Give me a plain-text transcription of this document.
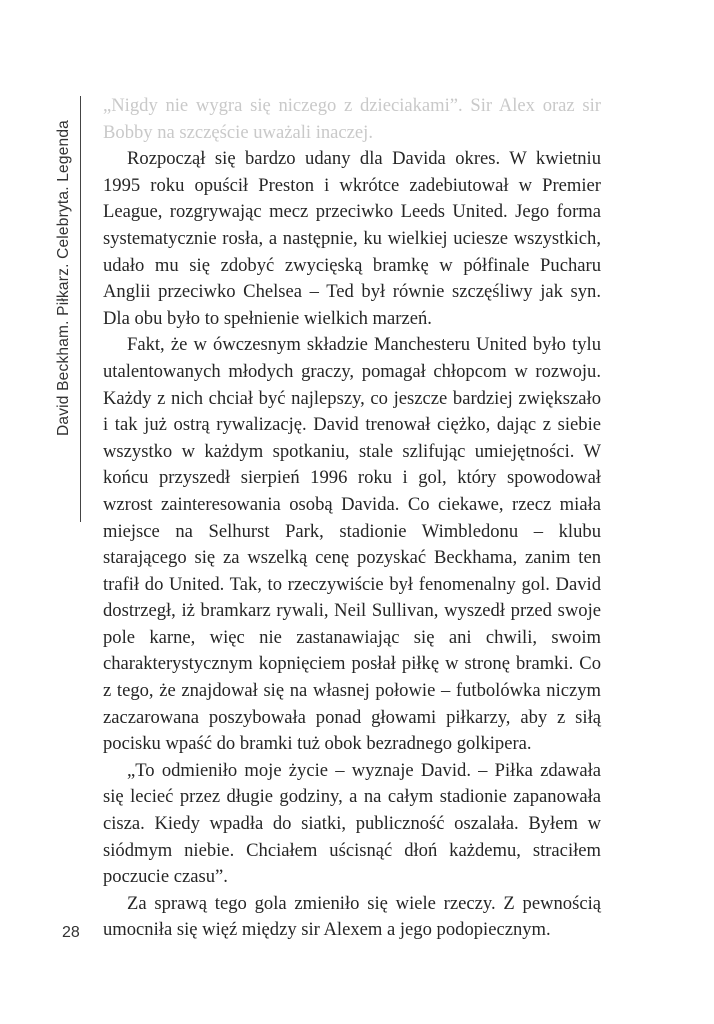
David Beckham. Piłkarz. Celebryta. Legenda

„Nigdy nie wygra się niczego z dzieciakami”. Sir Alex oraz sir Bobby na szczęście uważali inaczej.

Rozpoczął się bardzo udany dla Davida okres. W kwietniu 1995 roku opuścił Preston i wkrótce zadebiutował w Premier League, rozgrywając mecz przeciwko Leeds United. Jego forma systematycznie rosła, a następnie, ku wielkiej uciesze wszystkich, udało mu się zdobyć zwycięską bramkę w półfinale Pucharu Anglii przeciwko Chelsea – Ted był równie szczęśliwy jak syn. Dla obu było to spełnienie wielkich marzeń.

Fakt, że w ówczesnym składzie Manchesteru United było tylu utalentowanych młodych graczy, pomagał chłopcom w rozwoju. Każdy z nich chciał być najlepszy, co jeszcze bardziej zwiększało i tak już ostrą rywalizację. David trenował ciężko, dając z siebie wszystko w każdym spotkaniu, stale szlifując umiejętności. W końcu przyszedł sierpień 1996 roku i gol, który spowodował wzrost zainteresowania osobą Davida. Co ciekawe, rzecz miała miejsce na Selhurst Park, stadionie Wimbledonu – klubu starającego się za wszelką cenę pozyskać Beckhama, zanim ten trafił do United. Tak, to rzeczywiście był fenomenalny gol. David dostrzegł, iż bramkarz rywali, Neil Sullivan, wyszedł przed swoje pole karne, więc nie zastanawiając się ani chwili, swoim charakterystycznym kopnięciem posłał piłkę w stronę bramki. Co z tego, że znajdował się na własnej połowie – futbolówka niczym zaczarowana poszybowała ponad głowami piłkarzy, aby z siłą pocisku wpaść do bramki tuż obok bezradnego golkipera.

„To odmieniło moje życie – wyznaje David. – Piłka zdawała się lecieć przez długie godziny, a na całym stadionie zapanowała cisza. Kiedy wpadła do siatki, publiczność oszalała. Byłem w siódmym niebie. Chciałem uścisnąć dłoń każdemu, straciłem poczucie czasu”.

Za sprawą tego gola zmieniło się wiele rzeczy. Z pewnością umocniła się więź między sir Alexem a jego podopiecznym.

28
